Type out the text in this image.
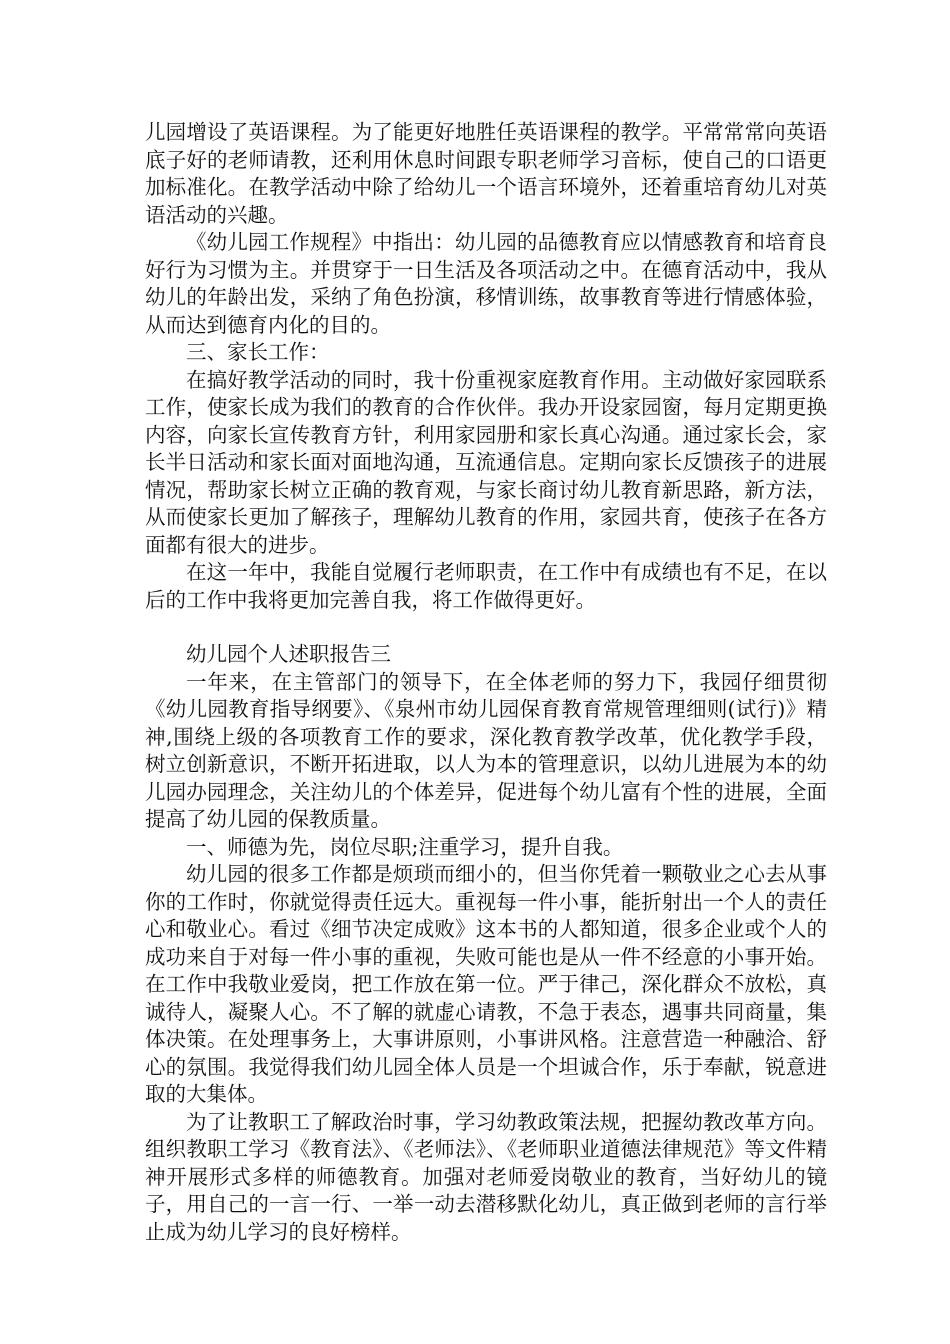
儿园增设了英语课程。为了能更好地胜任英语课程的教学。平常常常向英语底子好的老师请教，还利用休息时间跟专职老师学习音标，使自己的口语更加标准化。在教学活动中除了给幼儿一个语言环境外，还着重培育幼儿对英语活动的兴趣。

《幼儿园工作规程》中指出：幼儿园的品德教育应以情感教育和培育良好行为习惯为主。并贯穿于一日生活及各项活动之中。在德育活动中，我从幼儿的年龄出发，采纳了角色扮演，移情训练，故事教育等进行情感体验，从而达到德育内化的目的。

三、家长工作：

在搞好教学活动的同时，我十份重视家庭教育作用。主动做好家园联系工作，使家长成为我们的教育的合作伙伴。我办开设家园窗，每月定期更换内容，向家长宣传教育方针，利用家园册和家长真心沟通。通过家长会，家长半日活动和家长面对面地沟通，互流通信息。定期向家长反馈孩子的进展情况，帮助家长树立正确的教育观，与家长商讨幼儿教育新思路，新方法，从而使家长更加了解孩子，理解幼儿教育的作用，家园共育，使孩子在各方面都有很大的进步。

在这一年中，我能自觉履行老师职责，在工作中有成绩也有不足，在以后的工作中我将更加完善自我，将工作做得更好。

幼儿园个人述职报告三

一年来，在主管部门的领导下，在全体老师的努力下，我园仔细贯彻《幼儿园教育指导纲要》、《泉州市幼儿园保育教育常规管理细则(试行)》精神,围绕上级的各项教育工作的要求，深化教育教学改革，优化教学手段，树立创新意识，不断开拓进取，以人为本的管理意识，以幼儿进展为本的幼儿园办园理念，关注幼儿的个体差异，促进每个幼儿富有个性的进展，全面提高了幼儿园的保教质量。

一、师德为先，岗位尽职;注重学习，提升自我。

幼儿园的很多工作都是烦琐而细小的，但当你凭着一颗敬业之心去从事你的工作时，你就觉得责任远大。重视每一件小事，能折射出一个人的责任心和敬业心。看过《细节决定成败》这本书的人都知道，很多企业或个人的成功来自于对每一件小事的重视，失败可能也是从一件不经意的小事开始。在工作中我敬业爱岗，把工作放在第一位。严于律己，深化群众不放松，真诚待人，凝聚人心。不了解的就虚心请教，不急于表态，遇事共同商量，集体决策。在处理事务上，大事讲原则，小事讲风格。注意营造一种融洽、舒心的氛围。我觉得我们幼儿园全体人员是一个坦诚合作，乐于奉献，锐意进取的大集体。

为了让教职工了解政治时事，学习幼教政策法规，把握幼教改革方向。组织教职工学习《教育法》、《老师法》、《老师职业道德法律规范》等文件精神开展形式多样的师德教育。加强对老师爱岗敬业的教育，当好幼儿的镜子，用自己的一言一行、一举一动去潜移默化幼儿，真正做到老师的言行举止成为幼儿学习的良好榜样。
